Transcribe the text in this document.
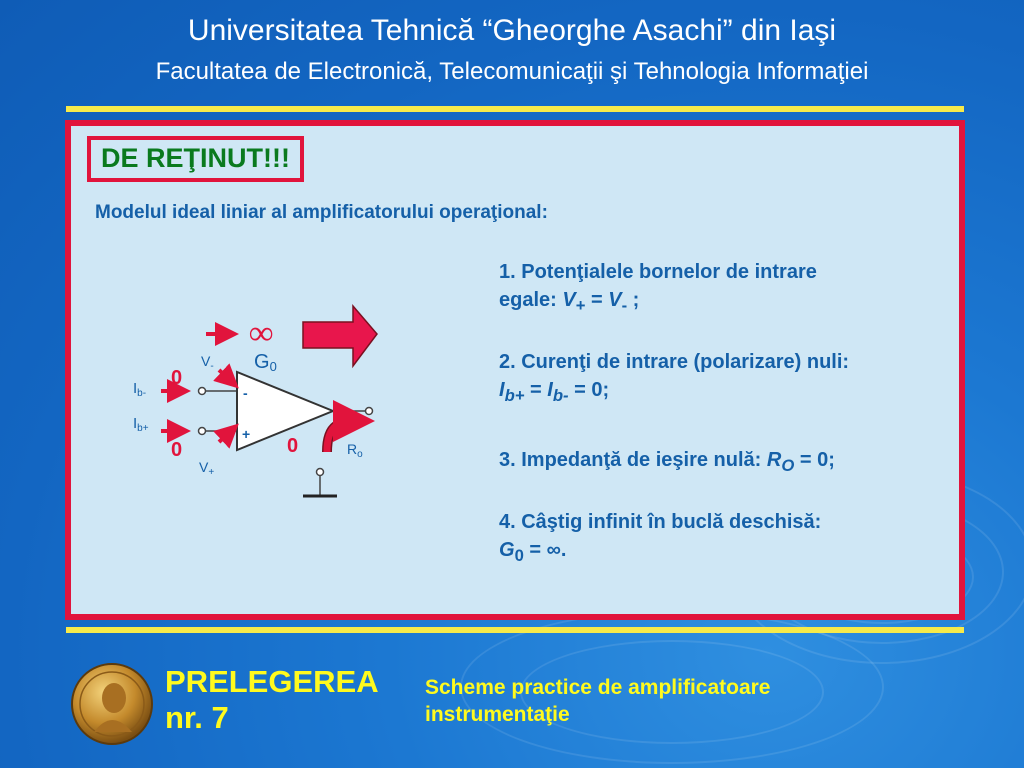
Universitatea Tehnică “Gheorghe Asachi” din Iaşi
Facultatea de Electronică, Telecomunicaţii şi Tehnologia Informaţiei
DE REŢINUT!!!
Modelul ideal liniar al amplificatorului operaţional:
∞
G0
$V_-$
$V_+$
$I_{b-}$
$I_{b+}$
0
0	0
-
+
$R_o$
1. Potenţialele bornelor de intrare
egale: $V_+ = V_-$ ;
2. Curenţi de intrare (polarizare) nuli:
$I_{b+} = I_{b-} = 0$;
3. Impedanţă de ieşire nulă: $R_O = 0$;
4. Câştig infinit în buclă deschisă:
$G_0$ = ∞.
PRELEGEREA
nr. 7
Scheme practice de amplificatoare
instrumentaţie
